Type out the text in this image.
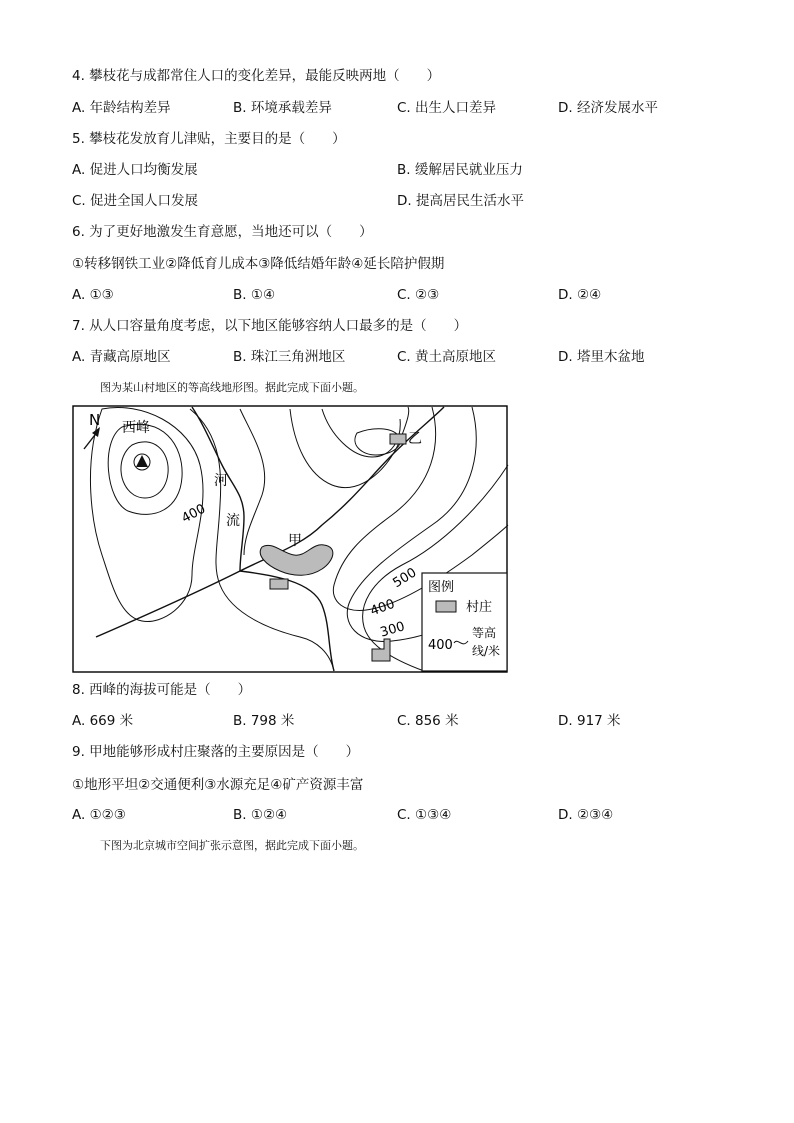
4. 攀枝花与成都常住人口的变化差异，最能反映两地（　　）
A. 年龄结构差异	B. 环境承载差异	C. 出生人口差异	D. 经济发展水平
5. 攀枝花发放育儿津贴，主要目的是（　　）
A. 促进人口均衡发展	B. 缓解居民就业压力
C. 促进全国人口发展	D. 提高居民生活水平
6. 为了更好地激发生育意愿，当地还可以（　　）
①转移钢铁工业②降低育儿成本③降低结婚年龄④延长陪护假期
A. ①③	B. ①④	C. ②③	D. ②④
7. 从人口容量角度考虑，以下地区能够容纳人口最多的是（　　）
A. 青藏高原地区	B. 珠江三角洲地区	C. 黄土高原地区	D. 塔里木盆地
图为某山村地区的等高线地形图。据此完成下面小题。
N 西峰
河
流
甲
乙
400
500
400
300
图例
村庄
400
等高
线/米
8. 西峰的海拔可能是（　　）
A. 669 米	B. 798 米	C. 856 米	D. 917 米
9. 甲地能够形成村庄聚落的主要原因是（　　）
①地形平坦②交通便利③水源充足④矿产资源丰富
A. ①②③	B. ①②④	C. ①③④	D. ②③④
下图为北京城市空间扩张示意图，据此完成下面小题。
